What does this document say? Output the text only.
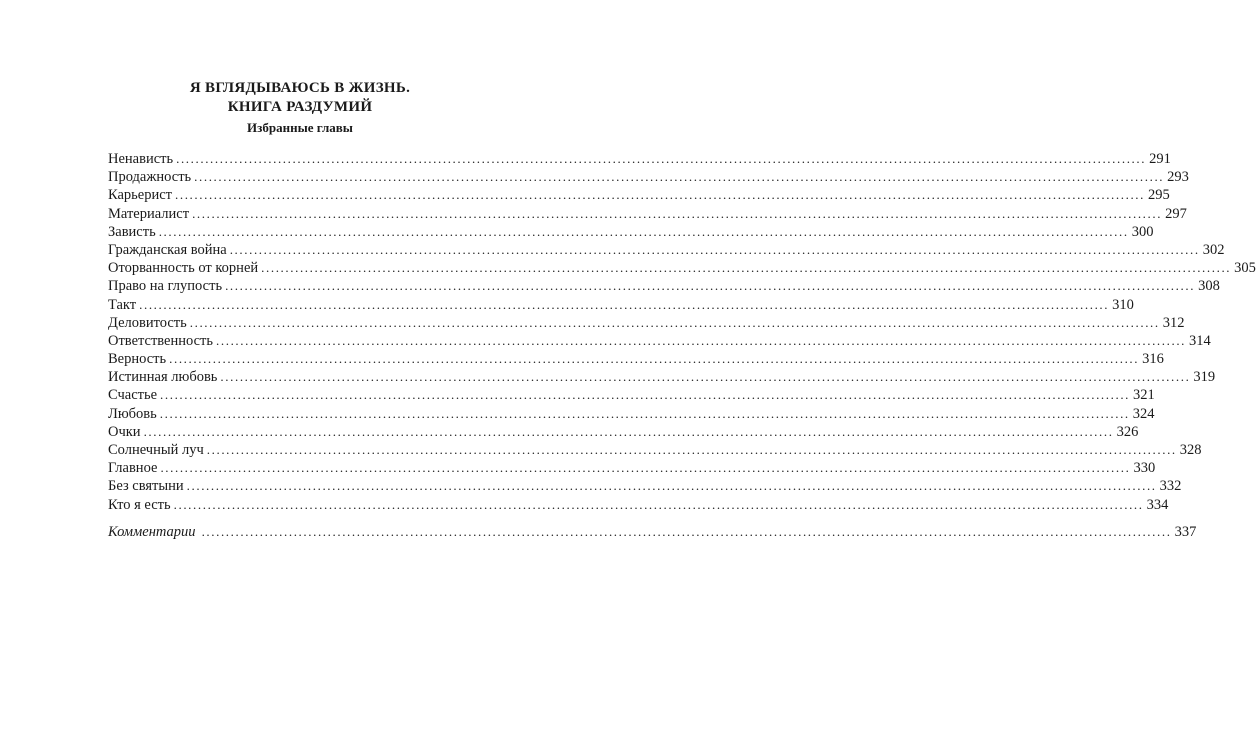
Я ВГЛЯДЫВАЮСЬ В ЖИЗНЬ.

КНИГА РАЗДУМИЙ

Избранные главы

Ненависть ........................................................................................................................................................................................................ 291
Продажность ........................................................................................................................................................................................................ 293
Карьерист ........................................................................................................................................................................................................ 295
Материалист ........................................................................................................................................................................................................ 297
Зависть ........................................................................................................................................................................................................ 300
Гражданская война ........................................................................................................................................................................................................ 302
Оторванность от корней ........................................................................................................................................................................................................ 305
Право на глупость ........................................................................................................................................................................................................ 308
Такт ........................................................................................................................................................................................................ 310
Деловитость ........................................................................................................................................................................................................ 312
Ответственность ........................................................................................................................................................................................................ 314
Верность ........................................................................................................................................................................................................ 316
Истинная любовь ........................................................................................................................................................................................................ 319
Счастье ........................................................................................................................................................................................................ 321
Любовь ........................................................................................................................................................................................................ 324
Очки ........................................................................................................................................................................................................ 326
Солнечный луч ........................................................................................................................................................................................................ 328
Главное ........................................................................................................................................................................................................ 330
Без святыни ........................................................................................................................................................................................................ 332
Кто я есть ........................................................................................................................................................................................................ 334
Комментарии ........................................................................................................................................................................................................ 337
